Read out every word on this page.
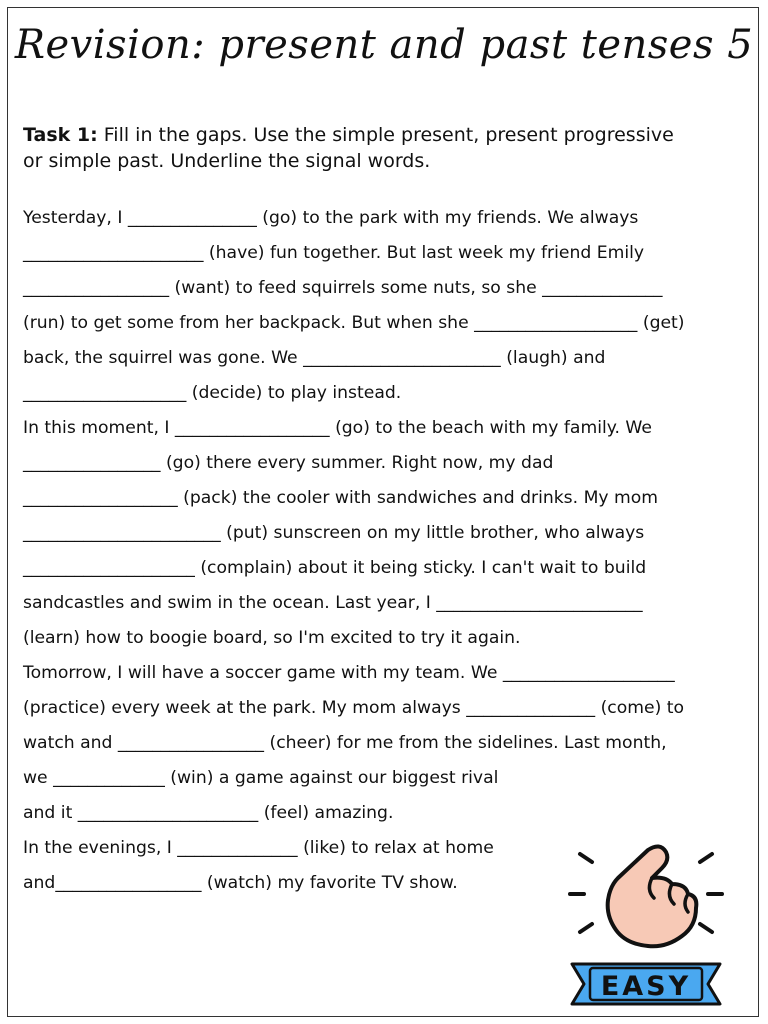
Revision: present and past tenses 5
Task 1: Fill in the gaps. Use the simple present, present progressive
or simple past. Underline the signal words.
Yesterday, I _______________ (go) to the park with my friends. We always
_____________________ (have) fun together. But last week my friend Emily
_________________ (want) to feed squirrels some nuts, so she ______________
(run) to get some from her backpack. But when she ___________________ (get)
back, the squirrel was gone. We _______________________ (laugh) and
___________________ (decide) to play instead.
In this moment, I __________________ (go) to the beach with my family. We
________________ (go) there every summer. Right now, my dad
__________________ (pack) the cooler with sandwiches and drinks. My mom
_______________________ (put) sunscreen on my little brother, who always
____________________ (complain) about it being sticky. I can't wait to build
sandcastles and swim in the ocean. Last year, I ________________________
(learn) how to boogie board, so I'm excited to try it again.
Tomorrow, I will have a soccer game with my team. We ____________________
(practice) every week at the park. My mom always _______________ (come) to
watch and _________________ (cheer) for me from the sidelines. Last month,
we _____________ (win) a game against our biggest rival
and it _____________________ (feel) amazing.
In the evenings, I ______________ (like) to relax at home
and_________________ (watch) my favorite TV show.
EASY
